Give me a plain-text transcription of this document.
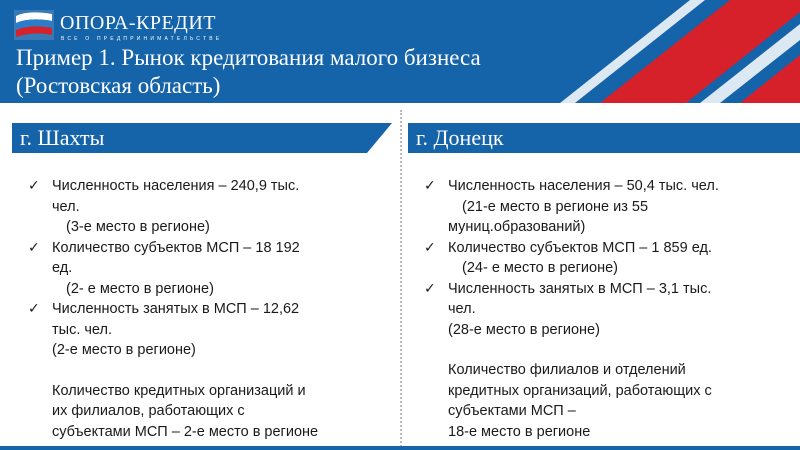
ОПОРА-КРЕДИТ
ВСЕ О ПРЕДПРИНИМАТЕЛЬСТВЕ
Пример 1. Рынок кредитования малого бизнеса
(Ростовская область)
г. Шахты	г. Донецк
✓ Численность населения – 240,9 тыс.
чел.
(3-е место в регионе)
✓ Количество субъектов МСП – 18 192
ед.
(2- е место в регионе)
✓ Численность занятых в МСП – 12,62
тыс. чел.
(2-е место в регионе)
Количество кредитных организаций и
их филиалов, работающих с
субъектами МСП – 2-е место в регионе
✓ Численность населения – 50,4 тыс. чел.
(21-е место в регионе из 55
муниц.образований)
✓ Количество субъектов МСП – 1 859 ед.
(24- е место в регионе)
✓ Численность занятых в МСП – 3,1 тыс.
чел.
(28-е место в регионе)
Количество филиалов и отделений
кредитных организаций, работающих с
субъектами МСП –
18-е место в регионе
